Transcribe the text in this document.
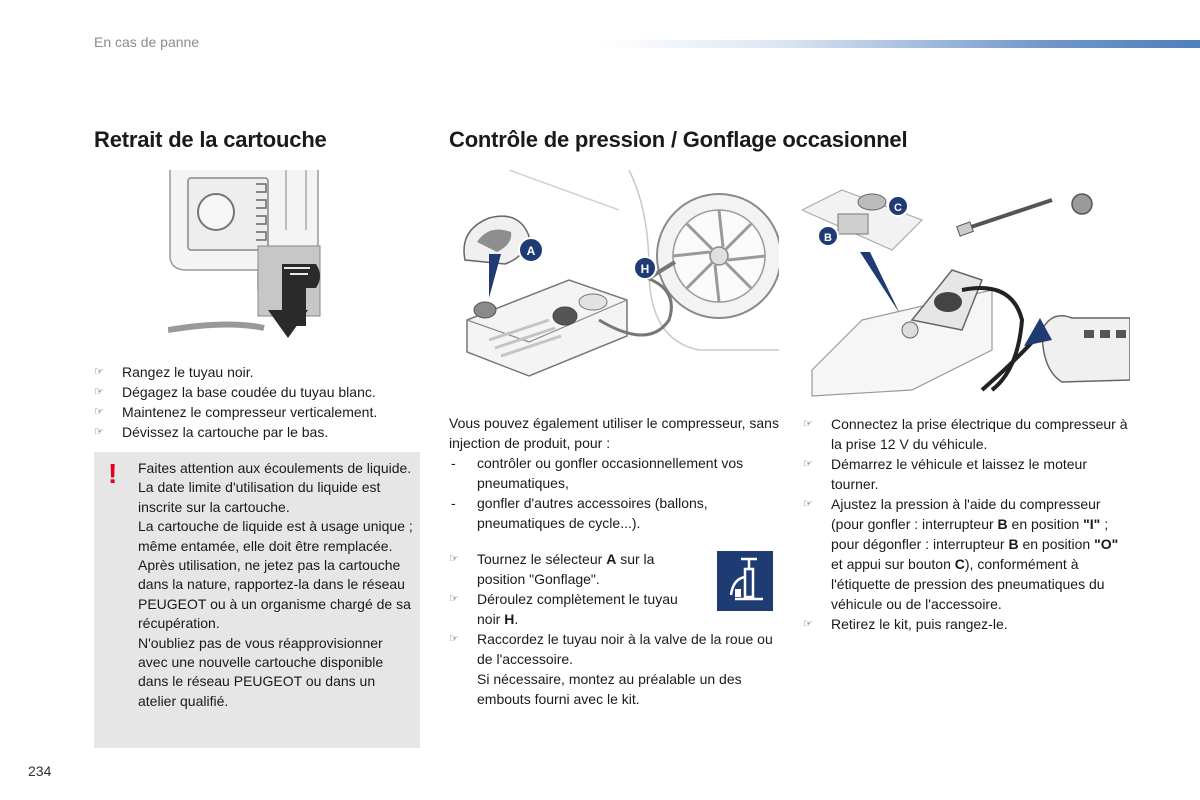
En cas de panne
Retrait de la cartouche	Contrôle de pression / Gonflage occasionnel
☞ Rangez le tuyau noir.
☞ Dégagez la base coudée du tuyau blanc.
☞ Maintenez le compresseur verticalement.
☞ Dévissez la cartouche par le bas.
! Faites attention aux écoulements de liquide.

La date limite d'utilisation du liquide est inscrite sur la cartouche.

La cartouche de liquide est à usage unique ; même entamée, elle doit être remplacée.

Après utilisation, ne jetez pas la cartouche dans la nature, rapportez-la dans le réseau PEUGEOT ou à un organisme chargé de sa récupération.

N'oubliez pas de vous réapprovisionner avec une nouvelle cartouche disponible dans le réseau PEUGEOT ou dans un atelier qualifié.

A
H
B
C

Vous pouvez également utiliser le compresseur, sans injection de produit, pour :

- contrôler ou gonfler occasionnellement vos pneumatiques,
- gonfler d'autres accessoires (ballons, pneumatiques de cycle...).
☞ Tournez le sélecteur A sur la position "Gonflage".
☞ Déroulez complètement le tuyau noir H.
☞ Raccordez le tuyau noir à la valve de la roue ou de l'accessoire.
Si nécessaire, montez au préalable un des embouts fourni avec le kit.
☞ Connectez la prise électrique du compresseur à la prise 12 V du véhicule.
☞ Démarrez le véhicule et laissez le moteur tourner.
☞ Ajustez la pression à l'aide du compresseur (pour gonfler : interrupteur B en position "I" ; pour dégonfler : interrupteur B en position "O" et appui sur bouton C), conformément à l'étiquette de pression des pneumatiques du véhicule ou de l'accessoire.
☞ Retirez le kit, puis rangez-le.
234
